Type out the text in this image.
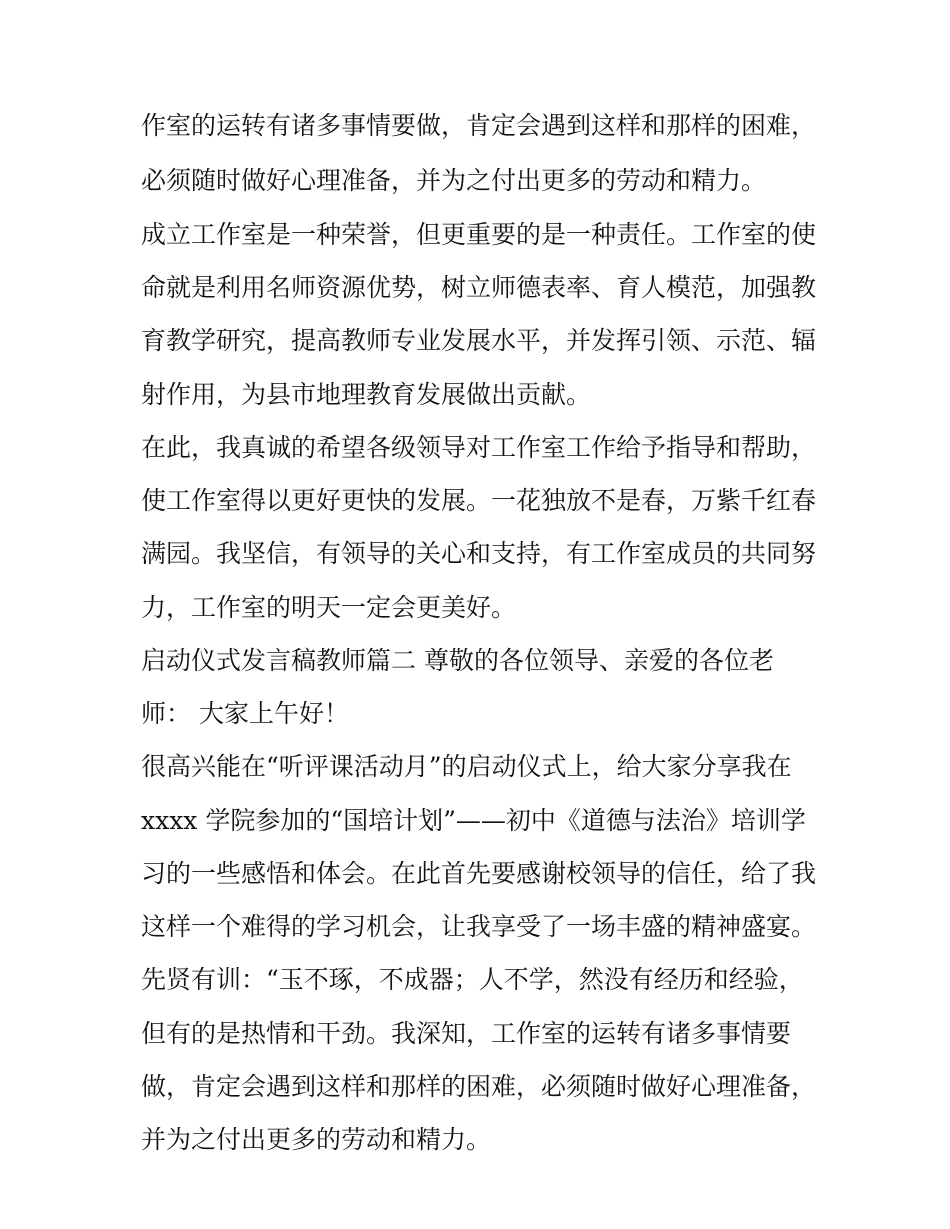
作室的运转有诸多事情要做，肯定会遇到这样和那样的困难，

必须随时做好心理准备，并为之付出更多的劳动和精力。

成立工作室是一种荣誉，但更重要的是一种责任。工作室的使

命就是利用名师资源优势，树立师德表率、育人模范，加强教

育教学研究，提高教师专业发展水平，并发挥引领、示范、辐

射作用，为县市地理教育发展做出贡献。

在此，我真诚的希望各级领导对工作室工作给予指导和帮助，

使工作室得以更好更快的发展。一花独放不是春，万紫千红春

满园。我坚信，有领导的关心和支持，有工作室成员的共同努

力，工作室的明天一定会更美好。

启动仪式发言稿教师篇二 尊敬的各位领导、亲爱的各位老

师： 大家上午好！

很高兴能在“听评课活动月”的启动仪式上，给大家分享我在

xxxx 学院参加的“国培计划”——初中《道德与法治》培训学

习的一些感悟和体会。在此首先要感谢校领导的信任，给了我

这样一个难得的学习机会，让我享受了一场丰盛的精神盛宴。

先贤有训：“玉不琢，不成器；人不学，然没有经历和经验，

但有的是热情和干劲。我深知，工作室的运转有诸多事情要

做，肯定会遇到这样和那样的困难，必须随时做好心理准备，

并为之付出更多的劳动和精力。
